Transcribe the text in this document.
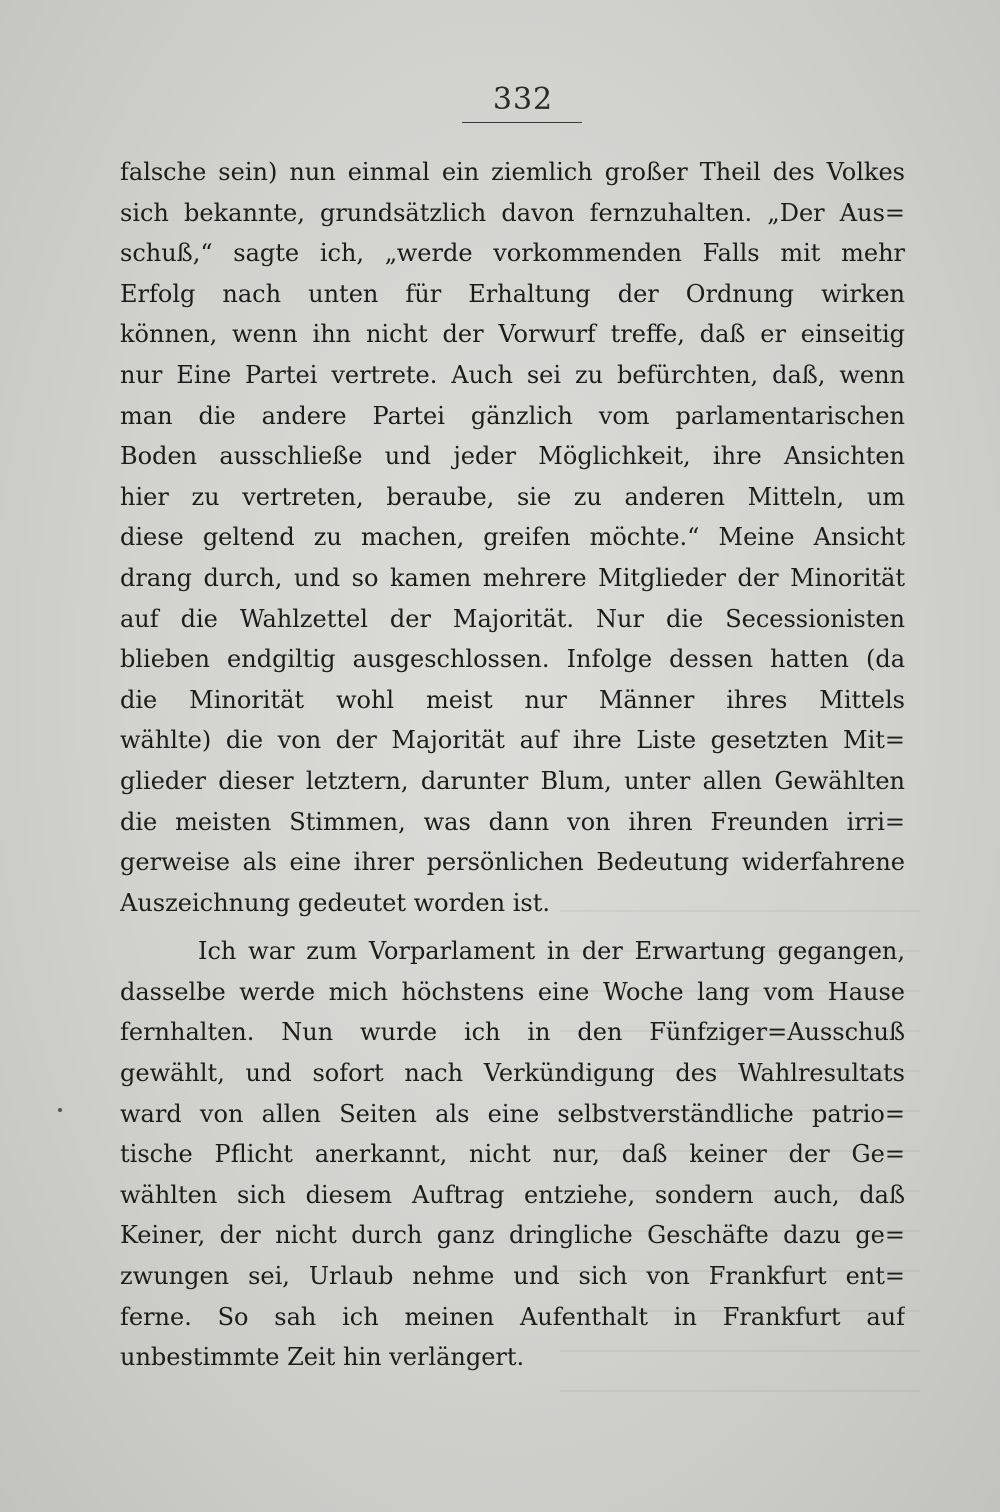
332
falsche sein) nun einmal ein ziemlich großer Theil des Volkes
sich bekannte, grundsätzlich davon fernzuhalten. „Der Aus=
schuß,“ sagte ich, „werde vorkommenden Falls mit mehr
Erfolg nach unten für Erhaltung der Ordnung wirken
können, wenn ihn nicht der Vorwurf treffe, daß er einseitig
nur Eine Partei vertrete. Auch sei zu befürchten, daß, wenn
man die andere Partei gänzlich vom parlamentarischen
Boden ausschließe und jeder Möglichkeit, ihre Ansichten
hier zu vertreten, beraube, sie zu anderen Mitteln, um
diese geltend zu machen, greifen möchte.“ Meine Ansicht
drang durch, und so kamen mehrere Mitglieder der Minorität
auf die Wahlzettel der Majorität. Nur die Secessionisten
blieben endgiltig ausgeschlossen. Infolge dessen hatten (da
die Minorität wohl meist nur Männer ihres Mittels
wählte) die von der Majorität auf ihre Liste gesetzten Mit=
glieder dieser letztern, darunter Blum, unter allen Gewählten
die meisten Stimmen, was dann von ihren Freunden irri=
gerweise als eine ihrer persönlichen Bedeutung widerfahrene
Auszeichnung gedeutet worden ist.
Ich war zum Vorparlament in der Erwartung gegangen,
dasselbe werde mich höchstens eine Woche lang vom Hause
fernhalten. Nun wurde ich in den Fünfziger=Ausschuß
gewählt, und sofort nach Verkündigung des Wahlresultats
ward von allen Seiten als eine selbstverständliche patrio=
tische Pflicht anerkannt, nicht nur, daß keiner der Ge=
wählten sich diesem Auftrag entziehe, sondern auch, daß
Keiner, der nicht durch ganz dringliche Geschäfte dazu ge=
zwungen sei, Urlaub nehme und sich von Frankfurt ent=
ferne. So sah ich meinen Aufenthalt in Frankfurt auf
unbestimmte Zeit hin verlängert.
